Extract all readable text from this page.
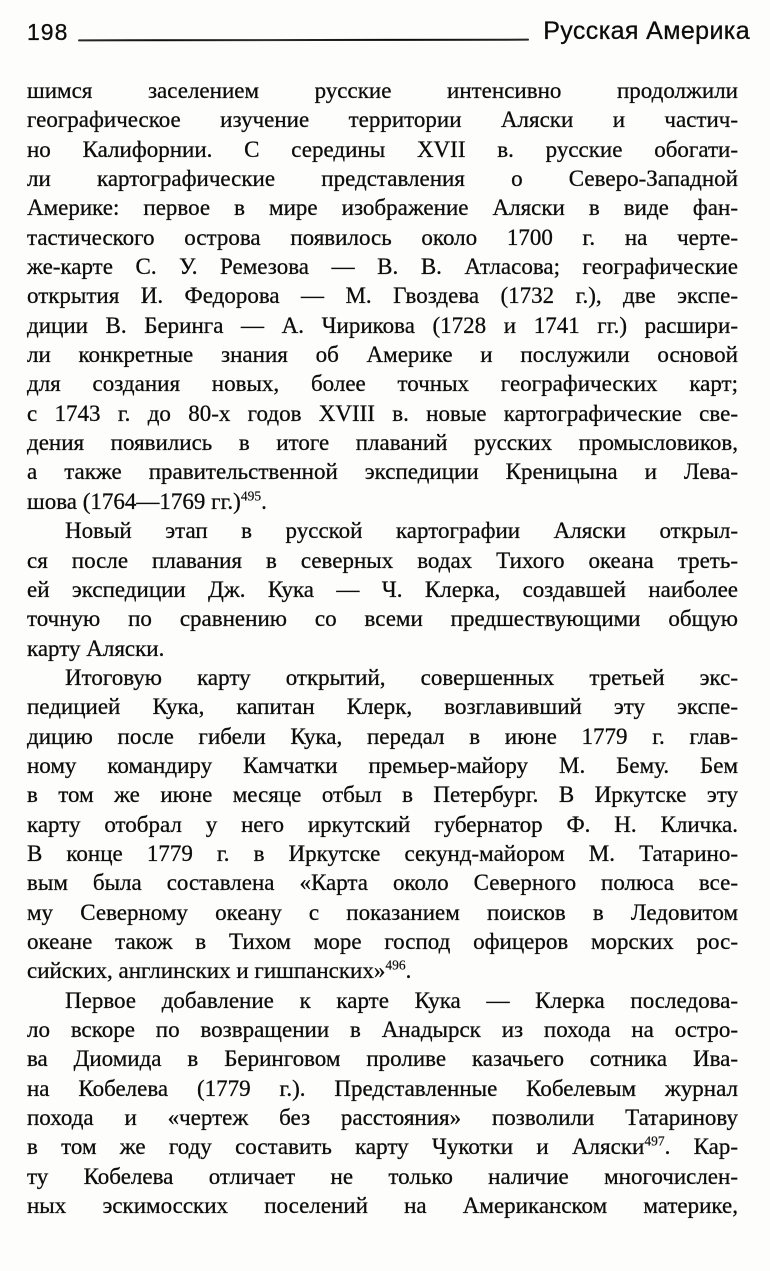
198	Русская Америка
шимся заселением русские интенсивно продолжили
географическое изучение территории Аляски и частич-
но Калифорнии. С середины XVII в. русские обогати-
ли картографические представления о Северо-Западной
Америке: первое в мире изображение Аляски в виде фан-
тастического острова появилось около 1700 г. на черте-
же-карте С. У. Ремезова — В. В. Атласова; географические
открытия И. Федорова — М. Гвоздева (1732 г.), две экспе-
диции В. Беринга — А. Чирикова (1728 и 1741 гг.) расшири-
ли конкретные знания об Америке и послужили основой
для создания новых, более точных географических карт;
с 1743 г. до 80-х годов XVIII в. новые картографические све-
дения появились в итоге плаваний русских промысловиков,
а также правительственной экспедиции Креницына и Лева-
шова (1764—1769 гг.)$^{495}$.
Новый этап в русской картографии Аляски открыл-
ся после плавания в северных водах Тихого океана треть-
ей экспедиции Дж. Кука — Ч. Клерка, создавшей наиболее
точную по сравнению со всеми предшествующими общую
карту Аляски.
Итоговую карту открытий, совершенных третьей экс-
педицией Кука, капитан Клерк, возглавивший эту экспе-
дицию после гибели Кука, передал в июне 1779 г. глав-
ному командиру Камчатки премьер-майору М. Бему. Бем
в том же июне месяце отбыл в Петербург. В Иркутске эту
карту отобрал у него иркутский губернатор Ф. Н. Кличка.
В конце 1779 г. в Иркутске секунд-майором М. Татарино-
вым была составлена «Карта около Северного полюса все-
му Северному океану с показанием поисков в Ледовитом
океане також в Тихом море господ офицеров морских рос-
сийских, англинских и гишпанских»$^{496}$.
Первое добавление к карте Кука — Клерка последова-
ло вскоре по возвращении в Анадырск из похода на остро-
ва Диомида в Беринговом проливе казачьего сотника Ива-
на Кобелева (1779 г.). Представленные Кобелевым журнал
похода и «чертеж без расстояния» позволили Татаринову
в том же году составить карту Чукотки и Аляски$^{497}$. Кар-
ту Кобелева отличает не только наличие многочислен-
ных эскимосских поселений на Американском материке,
